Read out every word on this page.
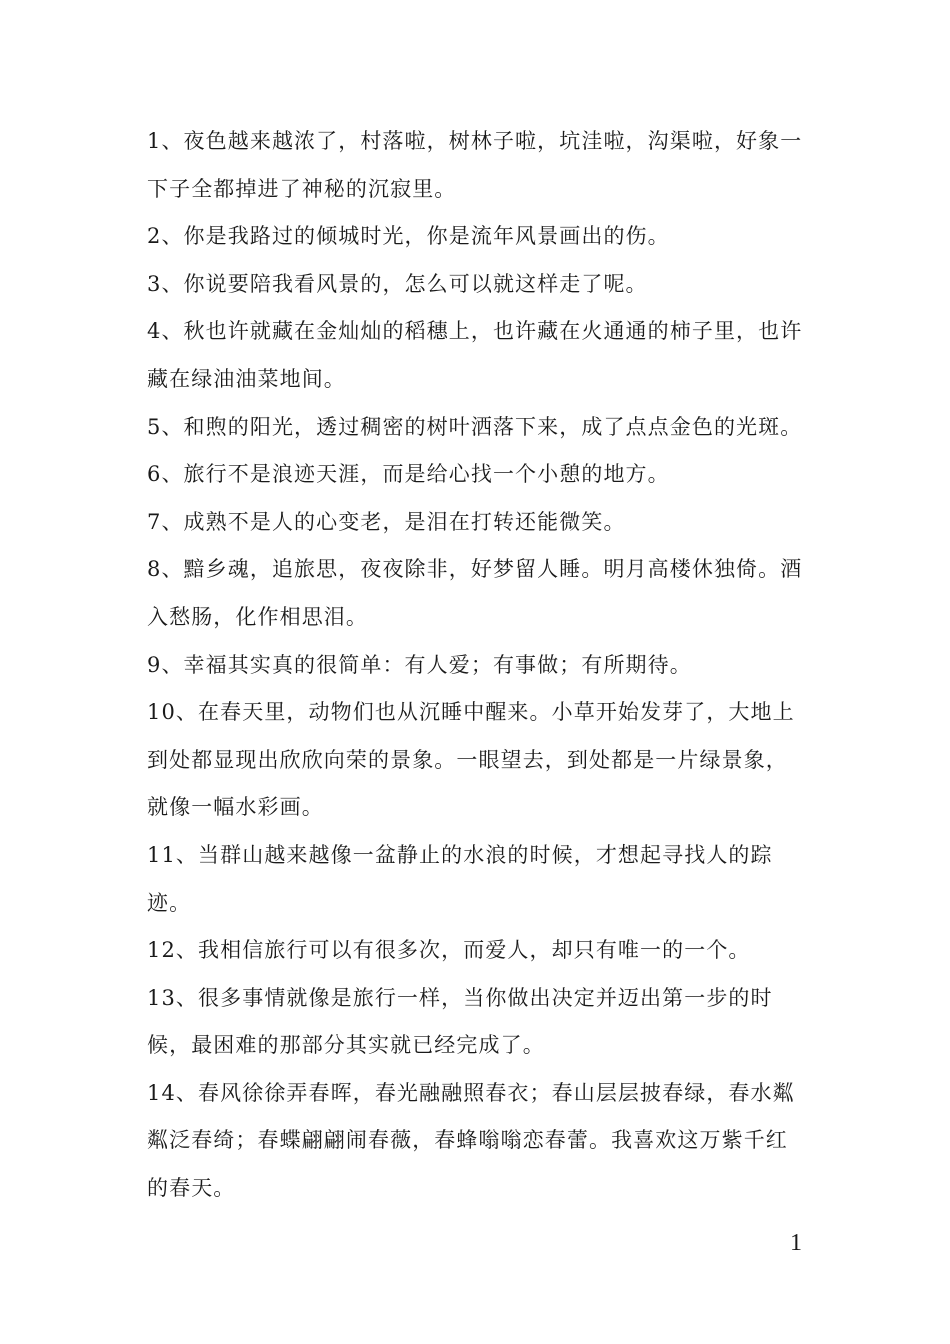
1、夜色越来越浓了，村落啦，树林子啦，坑洼啦，沟渠啦，好象一
下子全都掉进了神秘的沉寂里。
2、你是我路过的倾城时光，你是流年风景画出的伤。
3、你说要陪我看风景的，怎么可以就这样走了呢。
4、秋也许就藏在金灿灿的稻穗上，也许藏在火通通的柿子里，也许
藏在绿油油菜地间。
5、和煦的阳光，透过稠密的树叶洒落下来，成了点点金色的光斑。
6、旅行不是浪迹天涯，而是给心找一个小憩的地方。
7、成熟不是人的心变老，是泪在打转还能微笑。
8、黯乡魂，追旅思，夜夜除非，好梦留人睡。明月高楼休独倚。酒
入愁肠，化作相思泪。
9、幸福其实真的很简单：有人爱；有事做；有所期待。
10、在春天里，动物们也从沉睡中醒来。小草开始发芽了，大地上
到处都显现出欣欣向荣的景象。一眼望去，到处都是一片绿景象，
就像一幅水彩画。
11、当群山越来越像一盆静止的水浪的时候，才想起寻找人的踪
迹。
12、我相信旅行可以有很多次，而爱人，却只有唯一的一个。
13、很多事情就像是旅行一样，当你做出决定并迈出第一步的时
候，最困难的那部分其实就已经完成了。
14、春风徐徐弄春晖，春光融融照春衣；春山层层披春绿，春水粼
粼泛春绮；春蝶翩翩闹春薇，春蜂嗡嗡恋春蕾。我喜欢这万紫千红
的春天。
1
